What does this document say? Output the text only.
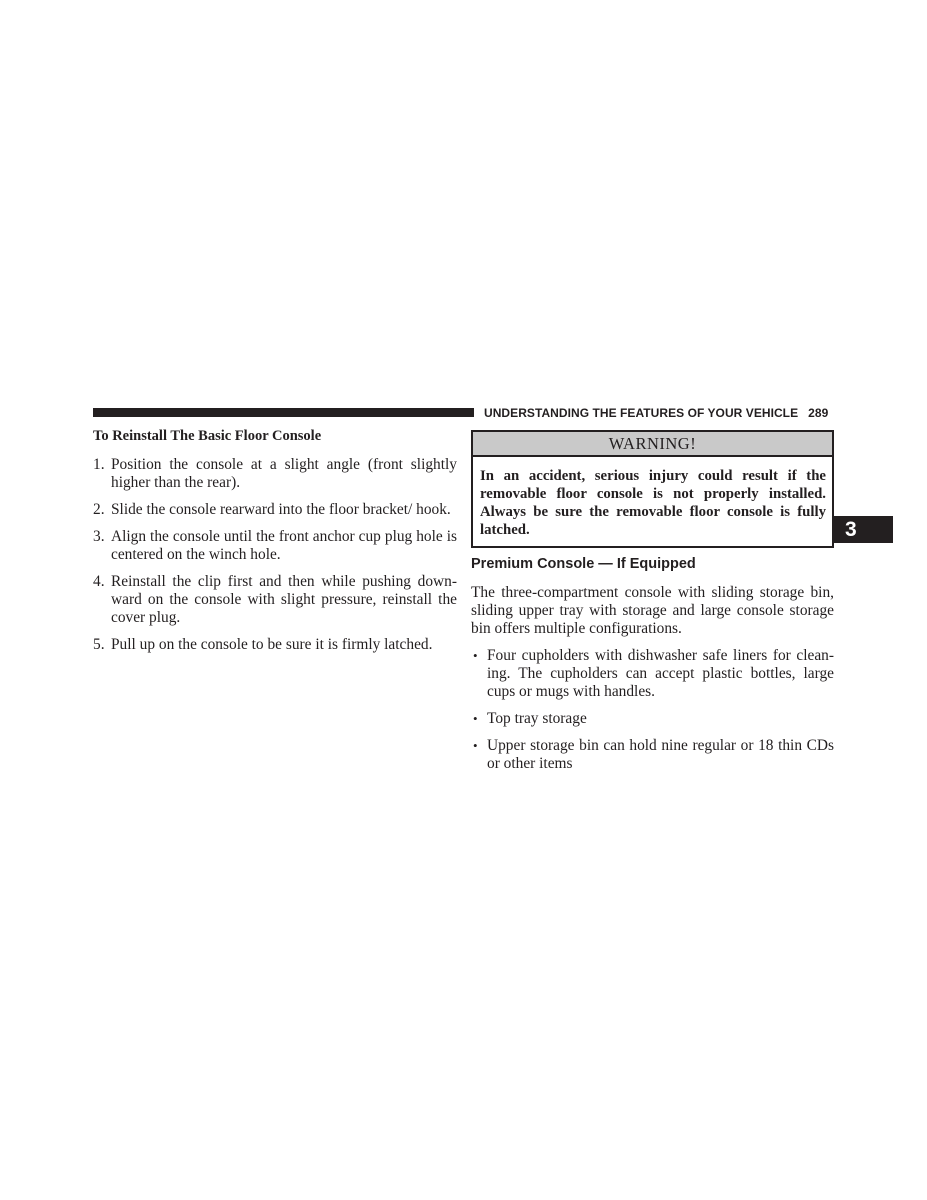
UNDERSTANDING THE FEATURES OF YOUR VEHICLE 289
To Reinstall The Basic Floor Console
1. Position the console at a slight angle (front slightly higher than the rear).
2. Slide the console rearward into the floor bracket/ hook.
3. Align the console until the front anchor cup plug hole is centered on the winch hole.
4. Reinstall the clip first and then while pushing down- ward on the console with slight pressure, reinstall the cover plug.
5. Pull up on the console to be sure it is firmly latched.
WARNING!
In an accident, serious injury could result if the removable floor console is not properly installed. Always be sure the removable floor console is fully latched.
Premium Console — If Equipped

The three-compartment console with sliding storage bin, sliding upper tray with storage and large console storage bin offers multiple configurations.

• Four cupholders with dishwasher safe liners for clean- ing. The cupholders can accept plastic bottles, large cups or mugs with handles.
• Top tray storage
• Upper storage bin can hold nine regular or 18 thin CDs or other items
3
